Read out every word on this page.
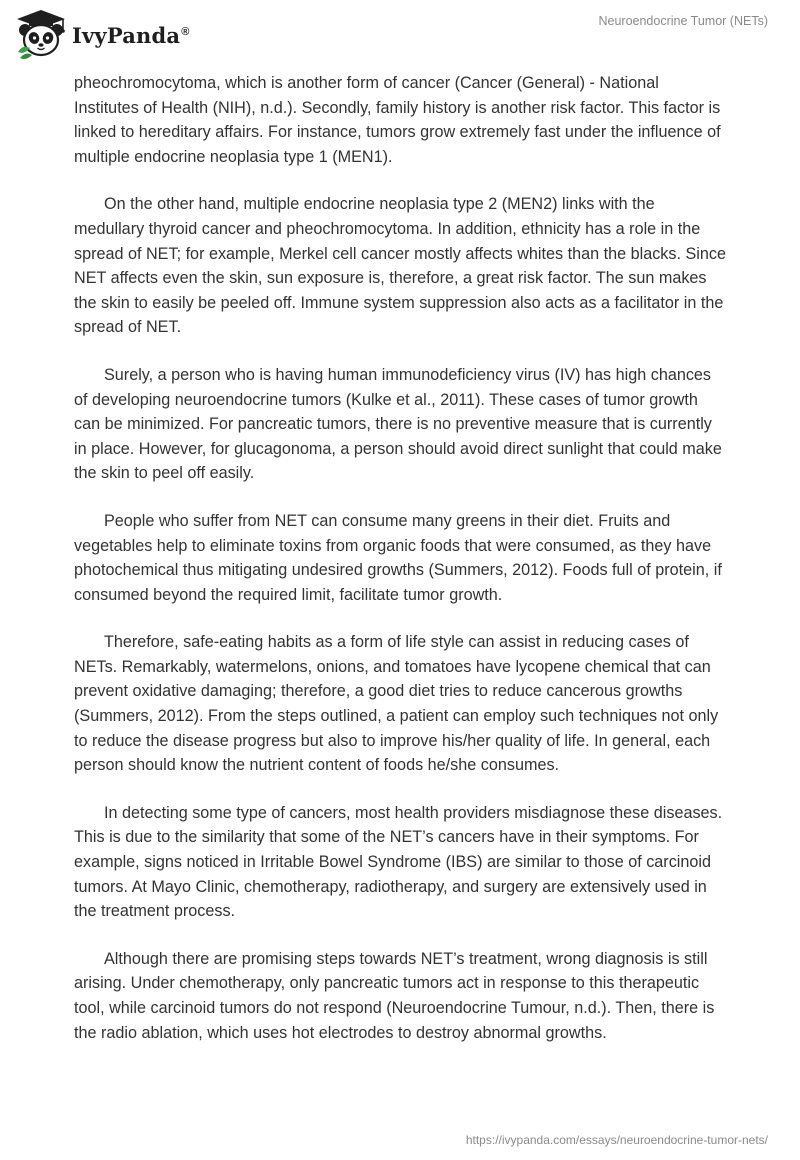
IvyPanda®
Neuroendocrine Tumor (NETs)

pheochromocytoma, which is another form of cancer (Cancer (General) - National Institutes of Health (NIH), n.d.). Secondly, family history is another risk factor. This factor is linked to hereditary affairs. For instance, tumors grow extremely fast under the influence of multiple endocrine neoplasia type 1 (MEN1).

On the other hand, multiple endocrine neoplasia type 2 (MEN2) links with the medullary thyroid cancer and pheochromocytoma. In addition, ethnicity has a role in the spread of NET; for example, Merkel cell cancer mostly affects whites than the blacks. Since NET affects even the skin, sun exposure is, therefore, a great risk factor. The sun makes the skin to easily be peeled off. Immune system suppression also acts as a facilitator in the spread of NET.

Surely, a person who is having human immunodeficiency virus (IV) has high chances of developing neuroendocrine tumors (Kulke et al., 2011). These cases of tumor growth can be minimized. For pancreatic tumors, there is no preventive measure that is currently in place. However, for glucagonoma, a person should avoid direct sunlight that could make the skin to peel off easily.

People who suffer from NET can consume many greens in their diet. Fruits and vegetables help to eliminate toxins from organic foods that were consumed, as they have photochemical thus mitigating undesired growths (Summers, 2012). Foods full of protein, if consumed beyond the required limit, facilitate tumor growth.

Therefore, safe-eating habits as a form of life style can assist in reducing cases of NETs. Remarkably, watermelons, onions, and tomatoes have lycopene chemical that can prevent oxidative damaging; therefore, a good diet tries to reduce cancerous growths (Summers, 2012). From the steps outlined, a patient can employ such techniques not only to reduce the disease progress but also to improve his/her quality of life. In general, each person should know the nutrient content of foods he/she consumes.

In detecting some type of cancers, most health providers misdiagnose these diseases. This is due to the similarity that some of the NET’s cancers have in their symptoms. For example, signs noticed in Irritable Bowel Syndrome (IBS) are similar to those of carcinoid tumors. At Mayo Clinic, chemotherapy, radiotherapy, and surgery are extensively used in the treatment process.

Although there are promising steps towards NET’s treatment, wrong diagnosis is still arising. Under chemotherapy, only pancreatic tumors act in response to this therapeutic tool, while carcinoid tumors do not respond (Neuroendocrine Tumour, n.d.). Then, there is the radio ablation, which uses hot electrodes to destroy abnormal growths.

https://ivypanda.com/essays/neuroendocrine-tumor-nets/
